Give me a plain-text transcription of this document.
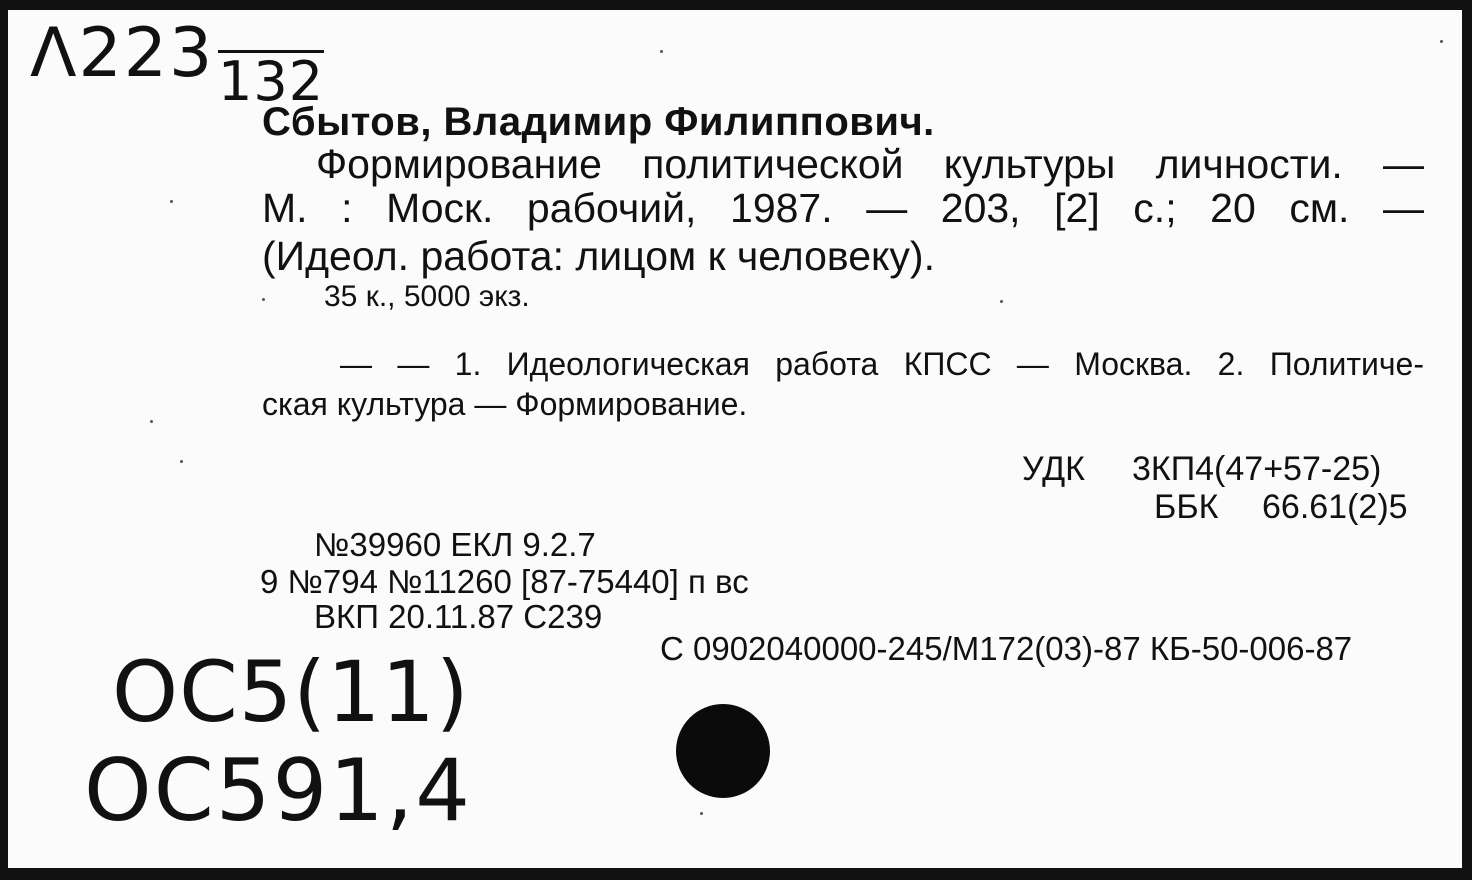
Λ223 132
Сбытов, Владимир Филиппович.
Формирование политической культуры личности. —
М. : Моск. рабочий, 1987. — 203, [2] с.; 20 см. —
(Идеол. работа: лицом к человеку).
35 к., 5000 экз.
— — 1. Идеологическая работа КПСС — Москва. 2. Политиче-
ская культура — Формирование.
УДК 3КП4(47+57-25)
ББК 66.61(2)5
№39960 ЕКЛ 9.2.7
9 №794 №11260 [87-75440] п вс
ВКП 20.11.87 С239
С 0902040000-245/М172(03)-87 КБ-50-006-87
ОС5(11)
ОС591,4
